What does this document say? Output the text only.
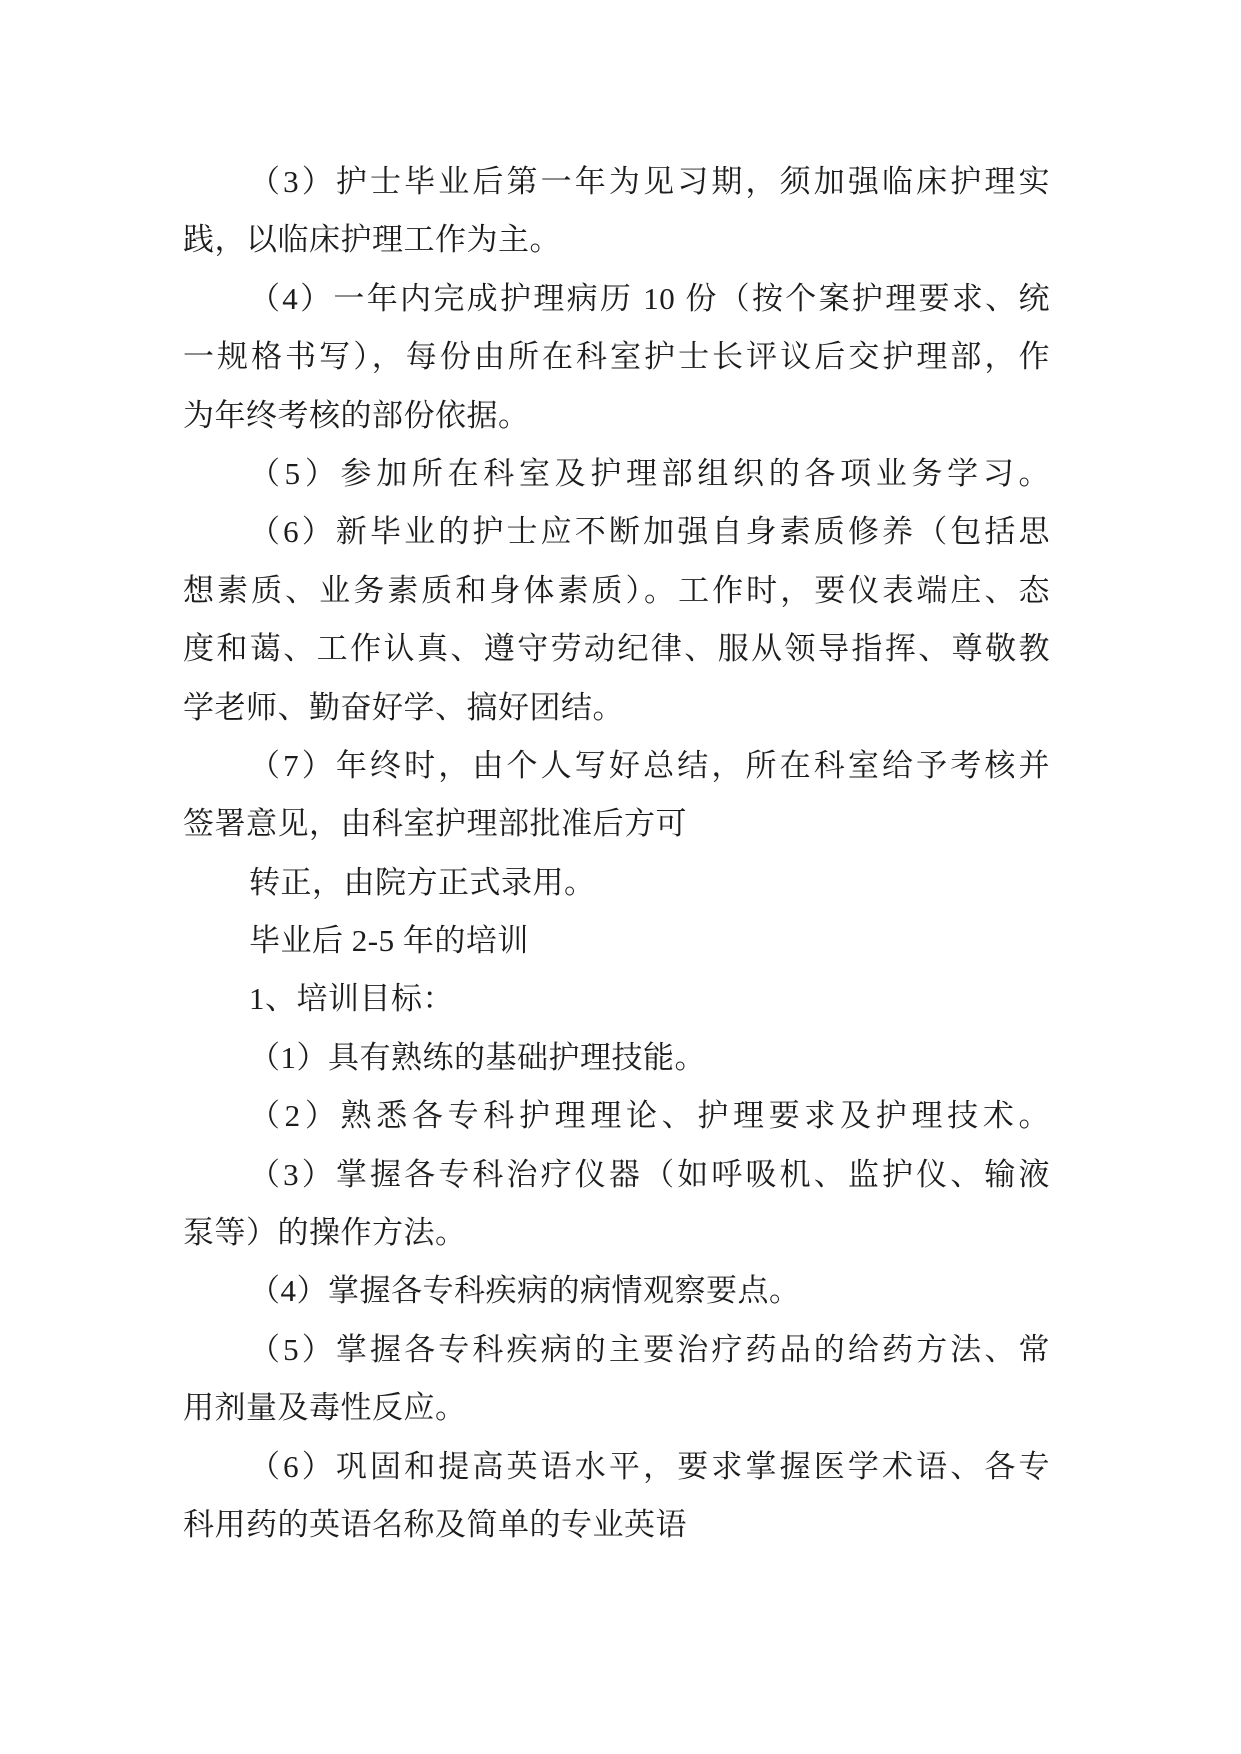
（3）护士毕业后第一年为见习期，须加强临床护理实
践，以临床护理工作为主。
（4）一年内完成护理病历 10 份（按个案护理要求、统
一规格书写），每份由所在科室护士长评议后交护理部，作
为年终考核的部份依据。
（5）参加所在科室及护理部组织的各项业务学习。
（6）新毕业的护士应不断加强自身素质修养（包括思
想素质、业务素质和身体素质）。工作时，要仪表端庄、态
度和蔼、工作认真、遵守劳动纪律、服从领导指挥、尊敬教
学老师、勤奋好学、搞好团结。
（7）年终时，由个人写好总结，所在科室给予考核并
签署意见，由科室护理部批准后方可
转正，由院方正式录用。
毕业后 2-5 年的培训
1、培训目标：
（1）具有熟练的基础护理技能。
（2）熟悉各专科护理理论、护理要求及护理技术。
（3）掌握各专科治疗仪器（如呼吸机、监护仪、输液
泵等）的操作方法。
（4）掌握各专科疾病的病情观察要点。
（5）掌握各专科疾病的主要治疗药品的给药方法、常
用剂量及毒性反应。
（6）巩固和提高英语水平，要求掌握医学术语、各专
科用药的英语名称及简单的专业英语
